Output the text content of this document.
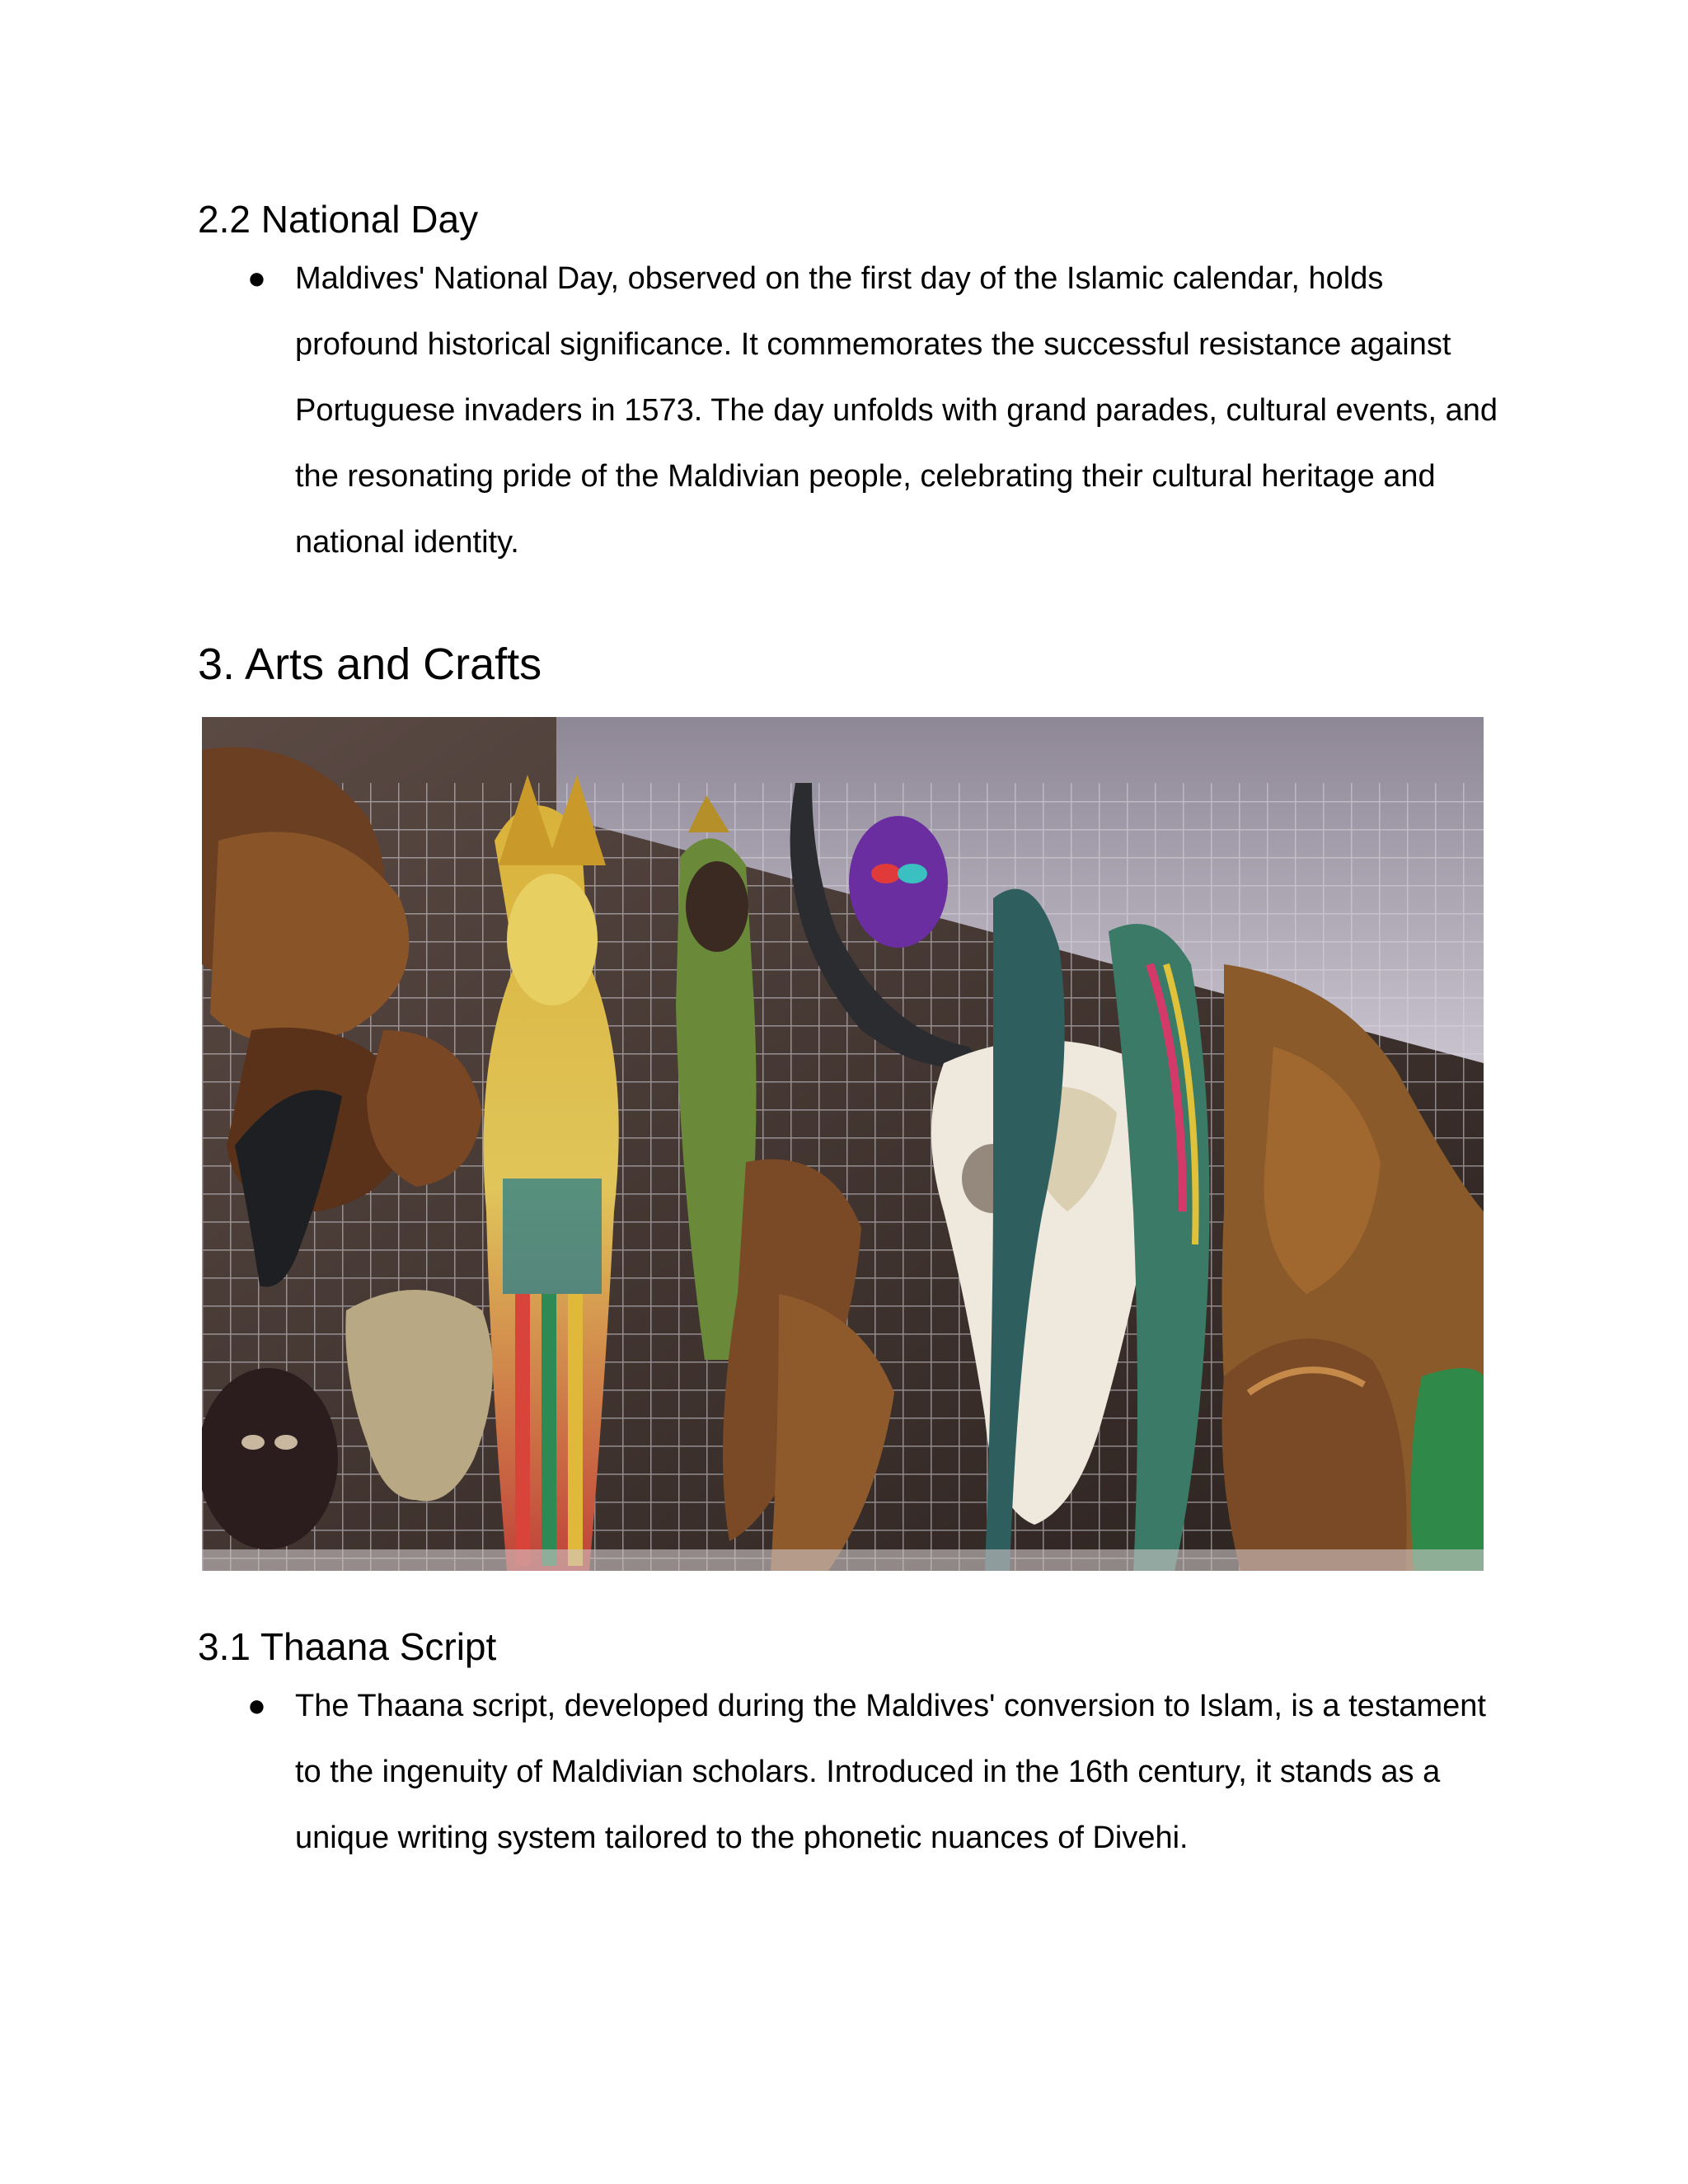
2.2 National Day
● Maldives' National Day, observed on the first day of the Islamic calendar, holds profound historical significance. It commemorates the successful resistance against Portuguese invaders in 1573. The day unfolds with grand parades, cultural events, and the resonating pride of the Maldivian people, celebrating their cultural heritage and national identity.

3. Arts and Crafts
3.1 Thaana Script
● The Thaana script, developed during the Maldives' conversion to Islam, is a testament to the ingenuity of Maldivian scholars. Introduced in the 16th century, it stands as a unique writing system tailored to the phonetic nuances of Divehi.
